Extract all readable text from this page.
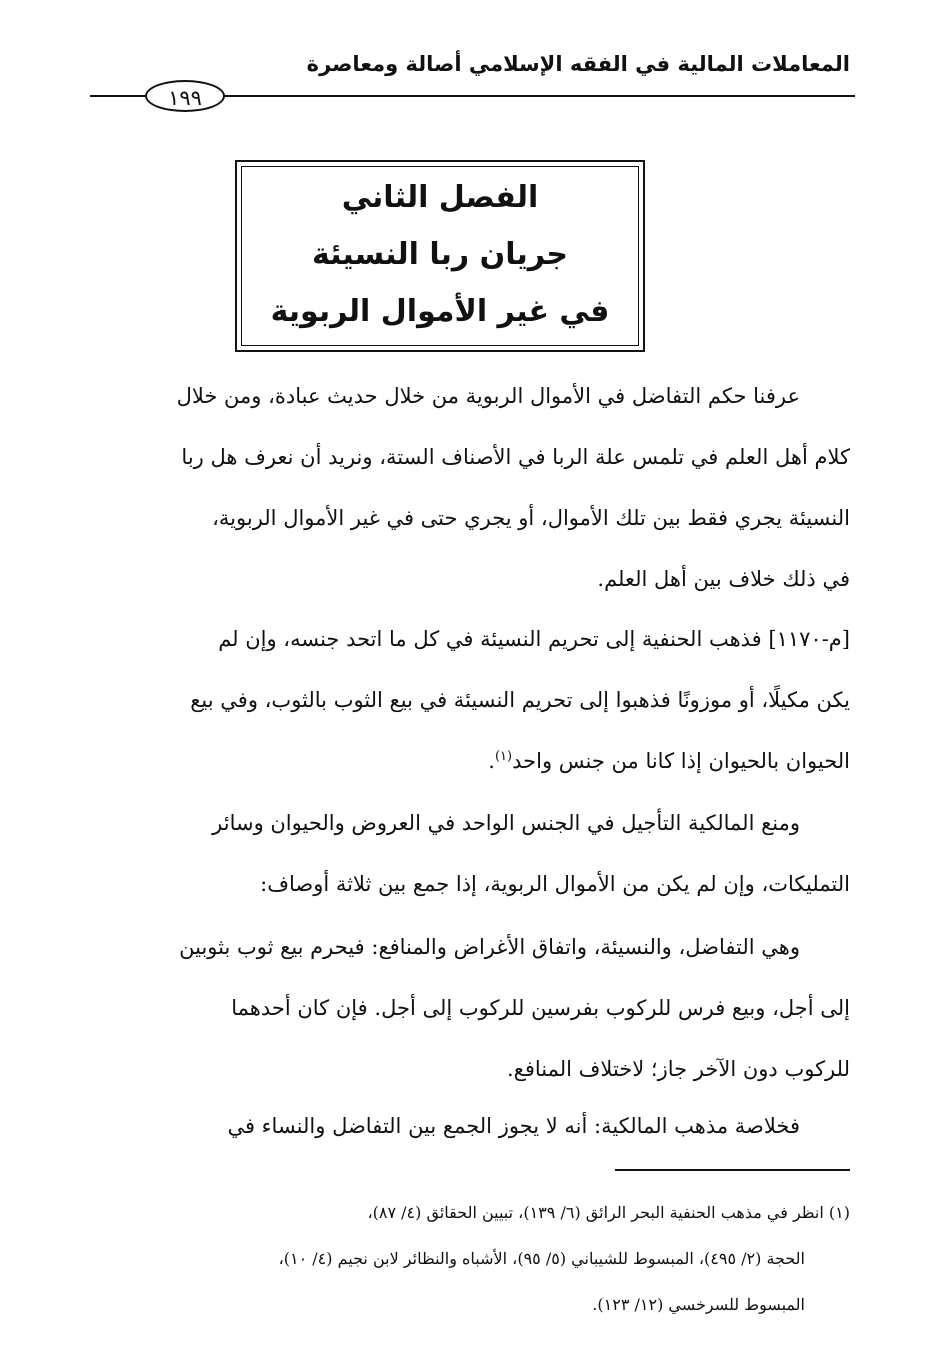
المعاملات المالية في الفقه الإسلامي أصالة ومعاصرة
١٩٩
الفصل الثاني
جريان ربا النسيئة
في غير الأموال الربوية

عرفنا حكم التفاضل في الأموال الربوية من خلال حديث عبادة، ومن خلال
كلام أهل العلم في تلمس علة الربا في الأصناف الستة، ونريد أن نعرف هل ربا
النسيئة يجري فقط بين تلك الأموال، أو يجري حتى في غير الأموال الربوية،
في ذلك خلاف بين أهل العلم.

[م-١١٧٠] فذهب الحنفية إلى تحريم النسيئة في كل ما اتحد جنسه، وإن لم
يكن مكيلًا، أو موزونًا فذهبوا إلى تحريم النسيئة في بيع الثوب بالثوب، وفي بيع
الحيوان بالحيوان إذا كانا من جنس واحد$^{(١)}$.

ومنع المالكية التأجيل في الجنس الواحد في العروض والحيوان وسائر
التمليكات، وإن لم يكن من الأموال الربوية، إذا جمع بين ثلاثة أوصاف:

وهي التفاضل، والنسيئة، واتفاق الأغراض والمنافع: فيحرم بيع ثوب بثوبين
إلى أجل، وبيع فرس للركوب بفرسين للركوب إلى أجل. فإن كان أحدهما
للركوب دون الآخر جاز؛ لاختلاف المنافع.

فخلاصة مذهب المالكية: أنه لا يجوز الجمع بين التفاضل والنساء في

(١) انظر في مذهب الحنفية البحر الرائق (٦/ ١٣٩)، تبيين الحقائق (٤/ ٨٧)،
الحجة (٢/ ٤٩٥)، المبسوط للشيباني (٥/ ٩٥)، الأشباه والنظائر لابن نجيم (٤/ ١٠)،
المبسوط للسرخسي (١٢/ ١٢٣).
